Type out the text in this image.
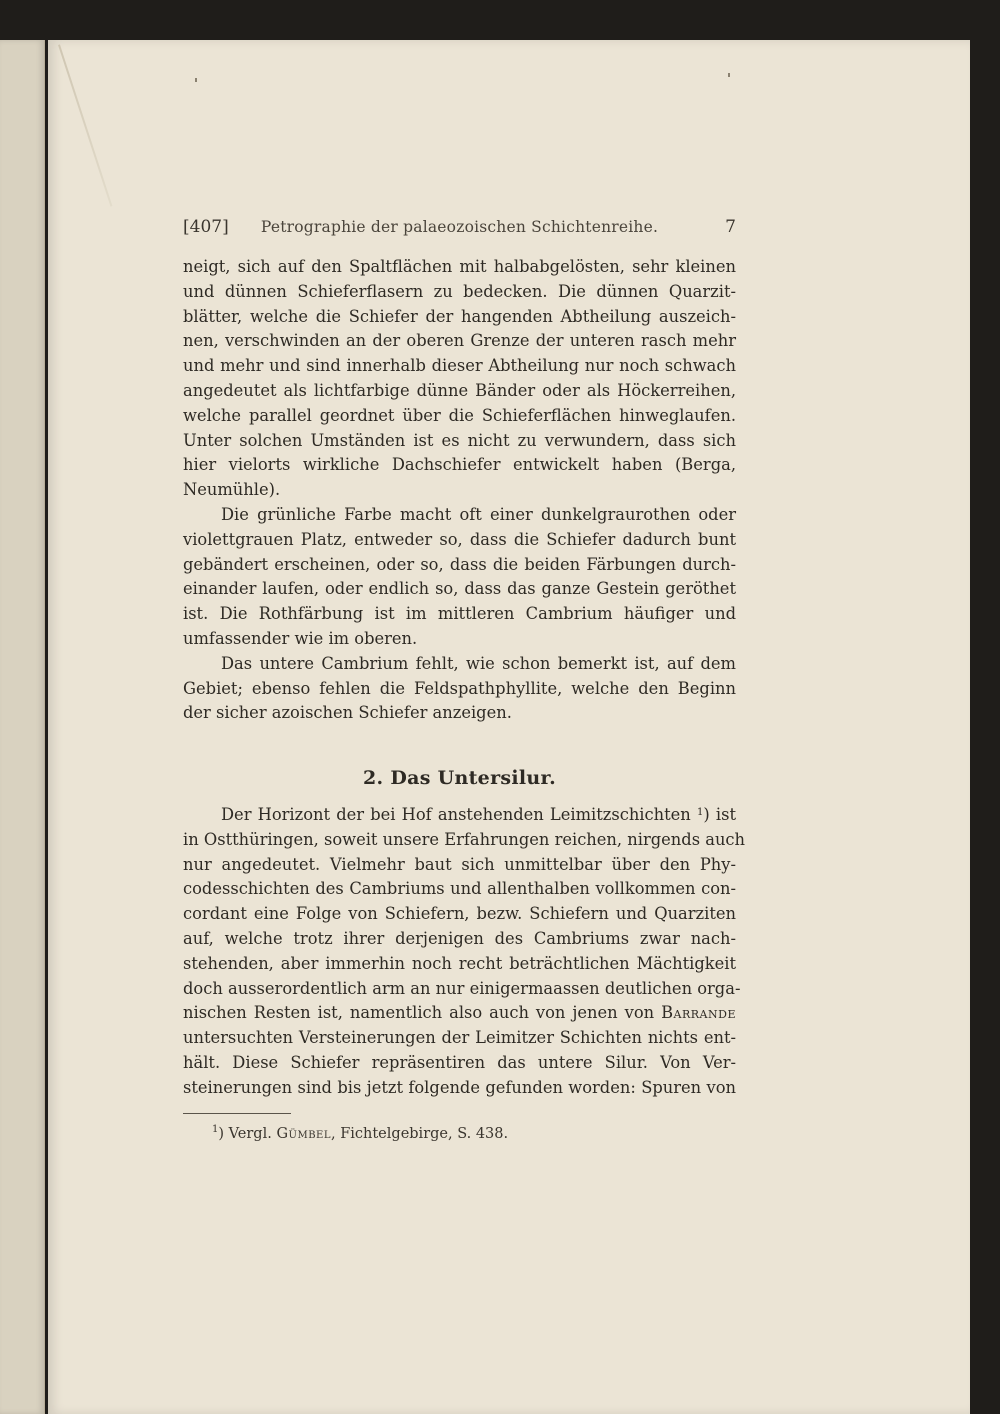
[407]	Petrographie der palaeozoischen Schichtenreihe.	7
neigt, sich auf den Spaltflächen mit halbabgelösten, sehr kleinen
und dünnen Schieferflasern zu bedecken. Die dünnen Quarzit-
blätter, welche die Schiefer der hangenden Abtheilung auszeich-
nen, verschwinden an der oberen Grenze der unteren rasch mehr
und mehr und sind innerhalb dieser Abtheilung nur noch schwach
angedeutet als lichtfarbige dünne Bänder oder als Höckerreihen,
welche parallel geordnet über die Schieferflächen hinweglaufen.
Unter solchen Umständen ist es nicht zu verwundern, dass sich
hier vielorts wirkliche Dachschiefer entwickelt haben (Berga,
Neumühle).
Die grünliche Farbe macht oft einer dunkelgraurothen oder
violettgrauen Platz, entweder so, dass die Schiefer dadurch bunt
gebändert erscheinen, oder so, dass die beiden Färbungen durch-
einander laufen, oder endlich so, dass das ganze Gestein geröthet
ist. Die Rothfärbung ist im mittleren Cambrium häufiger und
umfassender wie im oberen.
Das untere Cambrium fehlt, wie schon bemerkt ist, auf dem
Gebiet; ebenso fehlen die Feldspathphyllite, welche den Beginn
der sicher azoischen Schiefer anzeigen.
2. Das Untersilur.
Der Horizont der bei Hof anstehenden Leimitzschichten $^1$) ist
in Ostthüringen, soweit unsere Erfahrungen reichen, nirgends auch
nur angedeutet. Vielmehr baut sich unmittelbar über den Phy-
codesschichten des Cambriums und allenthalben vollkommen con-
cordant eine Folge von Schiefern, bezw. Schiefern und Quarziten
auf, welche trotz ihrer derjenigen des Cambriums zwar nach-
stehenden, aber immerhin noch recht beträchtlichen Mächtigkeit
doch ausserordentlich arm an nur einigermaassen deutlichen orga-
nischen Resten ist, namentlich also auch von jenen von Barrande
untersuchten Versteinerungen der Leimitzer Schichten nichts ent-
hält. Diese Schiefer repräsentiren das untere Silur. Von Ver-
steinerungen sind bis jetzt folgende gefunden worden: Spuren von
$^1$) Vergl. Gümbel, Fichtelgebirge, S. 438.
